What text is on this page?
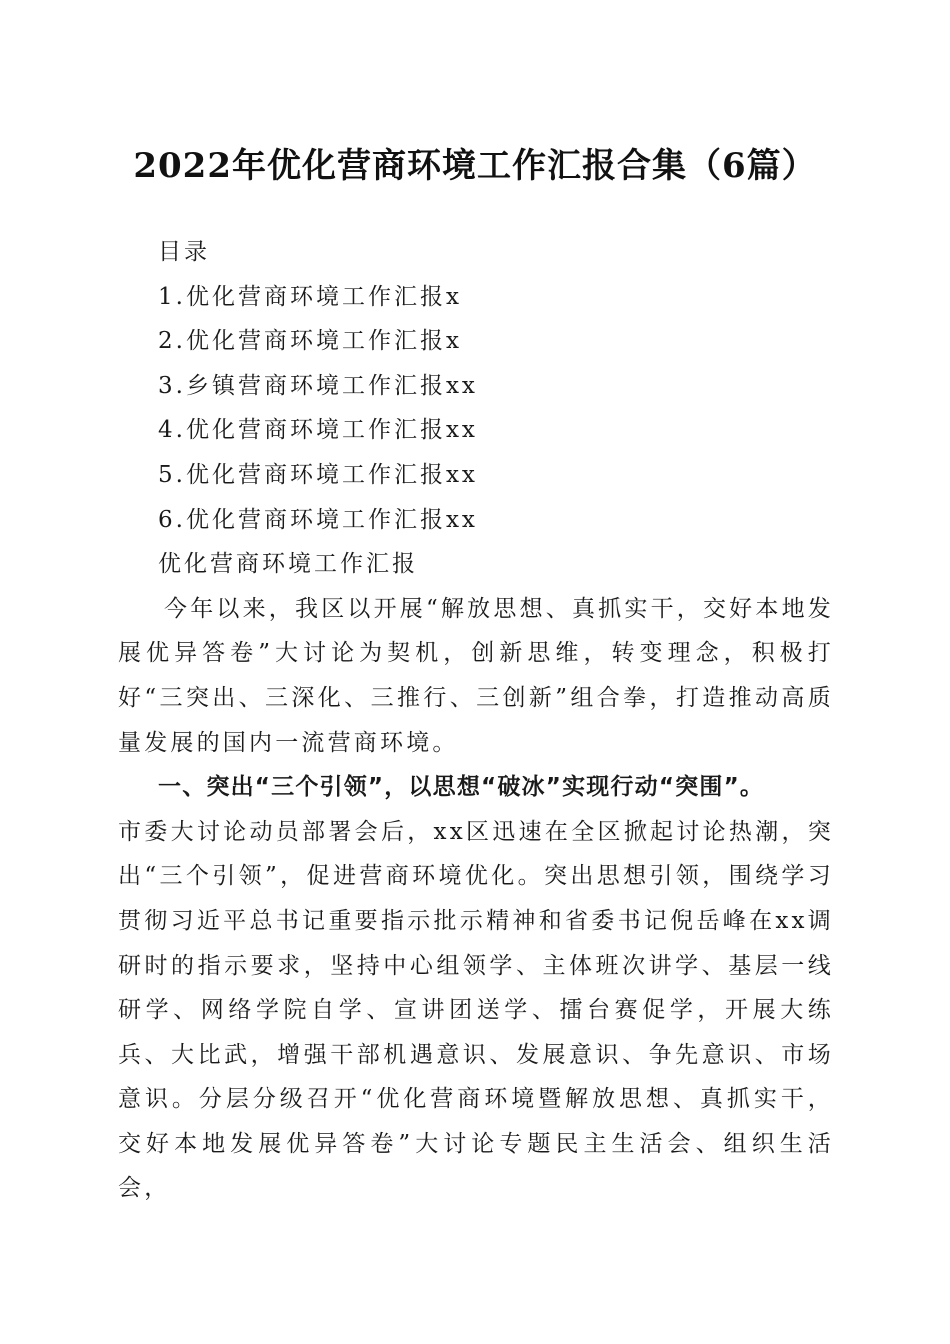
2022年优化营商环境工作汇报合集（6篇）

目录

1.优化营商环境工作汇报x

2.优化营商环境工作汇报x

3.乡镇营商环境工作汇报xx

4.优化营商环境工作汇报xx

5.优化营商环境工作汇报xx

6.优化营商环境工作汇报xx

优化营商环境工作汇报

今年以来，我区以开展“解放思想、真抓实干，交好本地发展优异答卷”大讨论为契机，创新思维，转变理念，积极打好“三突出、三深化、三推行、三创新”组合拳，打造推动高质量发展的国内一流营商环境。

一、突出“三个引领”，以思想“破冰”实现行动“突围”。

市委大讨论动员部署会后，xx区迅速在全区掀起讨论热潮，突出“三个引领”，促进营商环境优化。突出思想引领，围绕学习贯彻习近平总书记重要指示批示精神和省委书记倪岳峰在xx调研时的指示要求，坚持中心组领学、主体班次讲学、基层一线研学、网络学院自学、宣讲团送学、擂台赛促学，开展大练兵、大比武，增强干部机遇意识、发展意识、争先意识、市场意识。分层分级召开“优化营商环境暨解放思想、真抓实干，交好本地发展优异答卷”大讨论专题民主生活会、组织生活会，
